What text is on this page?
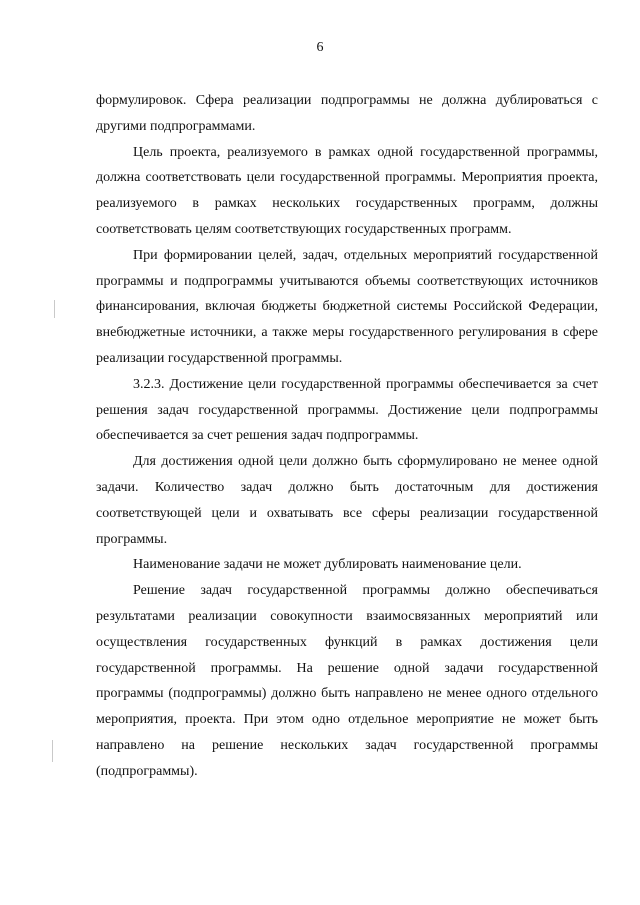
6

формулировок. Сфера реализации подпрограммы не должна дублироваться с другими подпрограммами.

Цель проекта, реализуемого в рамках одной государственной программы, должна соответствовать цели государственной программы. Мероприятия проекта, реализуемого в рамках нескольких государственных программ, должны соответствовать целям соответствующих государственных программ.

При формировании целей, задач, отдельных мероприятий государственной программы и подпрограммы учитываются объемы соответствующих источников финансирования, включая бюджеты бюджетной системы Российской Федерации, внебюджетные источники, а также меры государственного регулирования в сфере реализации государственной программы.

3.2.3. Достижение цели государственной программы обеспечивается за счет решения задач государственной программы. Достижение цели подпрограммы обеспечивается за счет решения задач подпрограммы.

Для достижения одной цели должно быть сформулировано не менее одной задачи. Количество задач должно быть достаточным для достижения соответствующей цели и охватывать все сферы реализации государственной программы.

Наименование задачи не может дублировать наименование цели.

Решение задач государственной программы должно обеспечиваться результатами реализации совокупности взаимосвязанных мероприятий или осуществления государственных функций в рамках достижения цели государственной программы. На решение одной задачи государственной программы (подпрограммы) должно быть направлено не менее одного отдельного мероприятия, проекта. При этом одно отдельное мероприятие не может быть направлено на решение нескольких задач государственной программы (подпрограммы).
